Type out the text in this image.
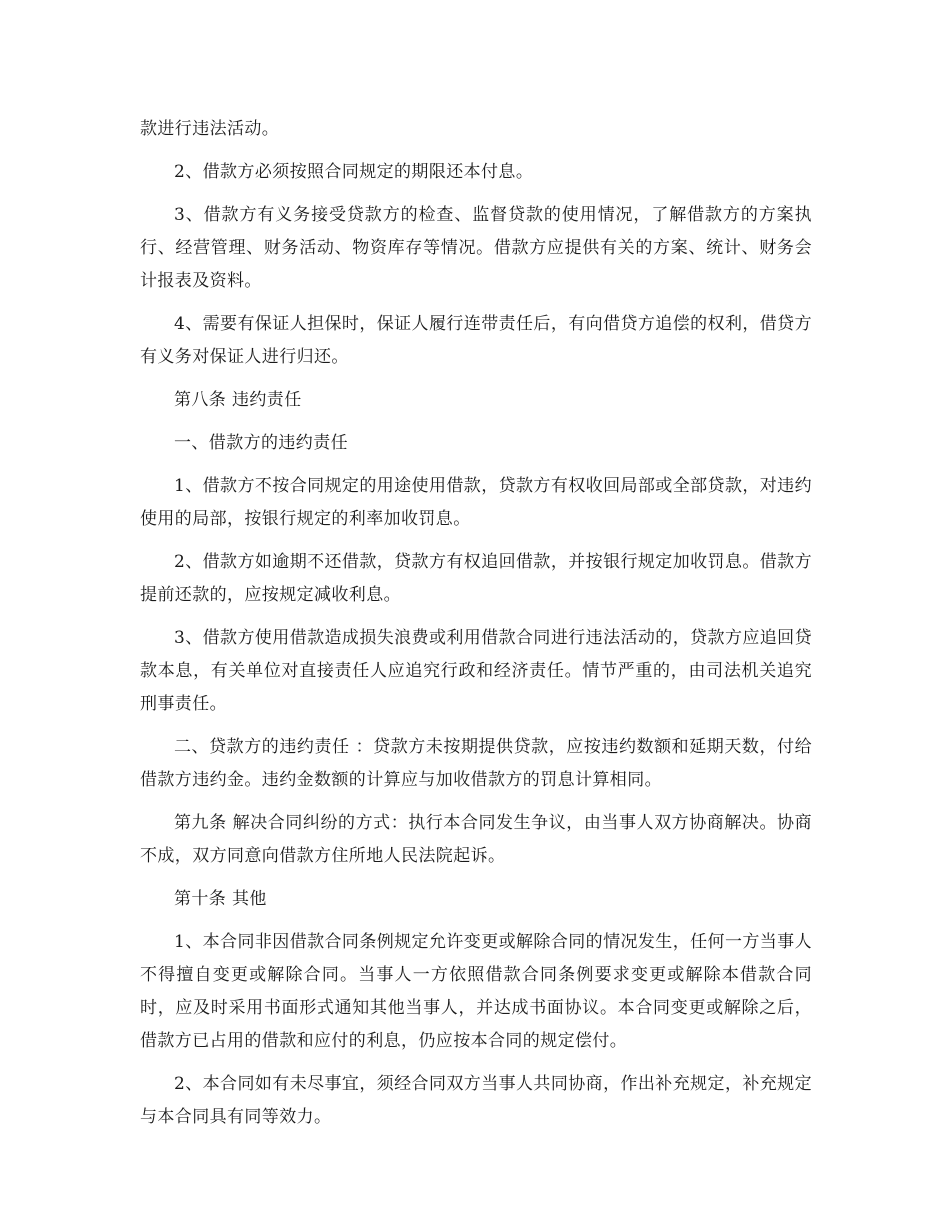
款进行违法活动。

2、借款方必须按照合同规定的期限还本付息。

3、借款方有义务接受贷款方的检查、监督贷款的使用情况，了解借款方的方案执行、经营管理、财务活动、物资库存等情况。借款方应提供有关的方案、统计、财务会计报表及资料。

4、需要有保证人担保时，保证人履行连带责任后，有向借贷方追偿的权利，借贷方有义务对保证人进行归还。

第八条 违约责任

一、借款方的违约责任

1、借款方不按合同规定的用途使用借款，贷款方有权收回局部或全部贷款，对违约使用的局部，按银行规定的利率加收罚息。

2、借款方如逾期不还借款，贷款方有权追回借款，并按银行规定加收罚息。借款方提前还款的，应按规定减收利息。

3、借款方使用借款造成损失浪费或利用借款合同进行违法活动的，贷款方应追回贷款本息，有关单位对直接责任人应追究行政和经济责任。情节严重的，由司法机关追究刑事责任。

二、贷款方的违约责任 ：贷款方未按期提供贷款，应按违约数额和延期天数，付给借款方违约金。违约金数额的计算应与加收借款方的罚息计算相同。

第九条 解决合同纠纷的方式：执行本合同发生争议，由当事人双方协商解决。协商不成，双方同意向借款方住所地人民法院起诉。

第十条 其他

1、本合同非因借款合同条例规定允许变更或解除合同的情况发生，任何一方当事人不得擅自变更或解除合同。当事人一方依照借款合同条例要求变更或解除本借款合同时，应及时采用书面形式通知其他当事人，并达成书面协议。本合同变更或解除之后，借款方已占用的借款和应付的利息，仍应按本合同的规定偿付。

2、本合同如有未尽事宜，须经合同双方当事人共同协商，作出补充规定，补充规定与本合同具有同等效力。
